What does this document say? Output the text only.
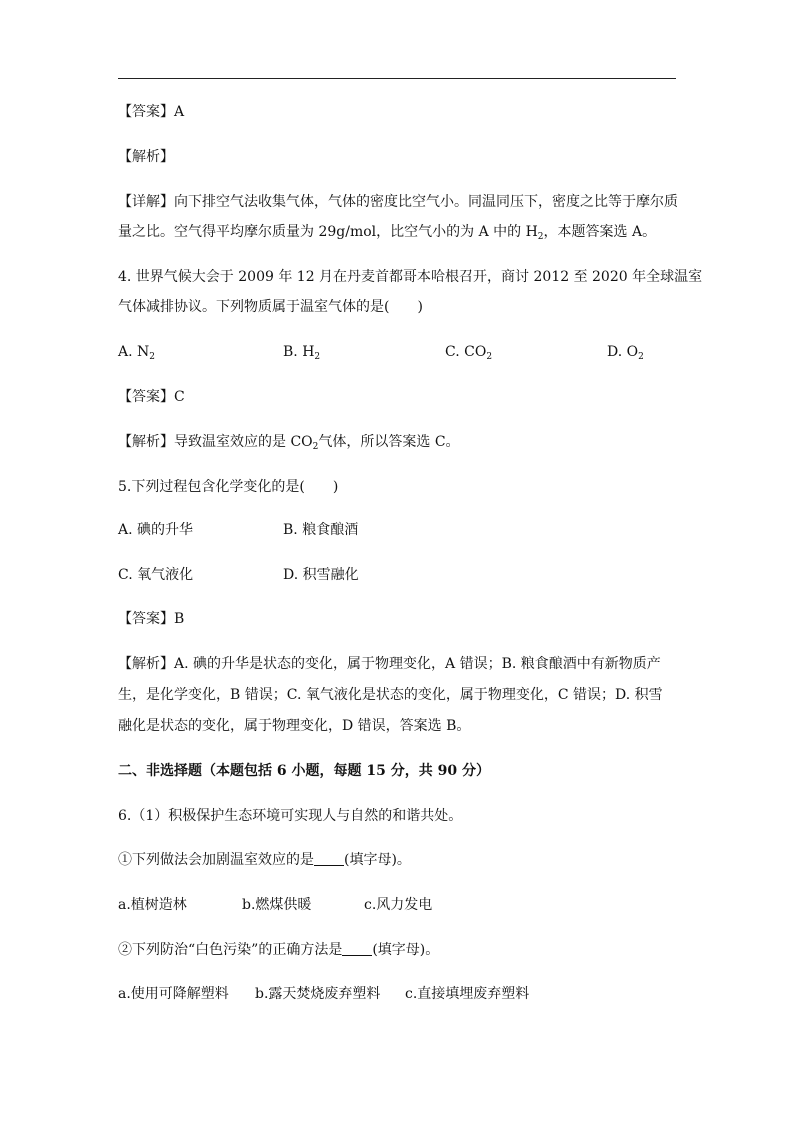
【答案】A
【解析】
【详解】向下排空气法收集气体，气体的密度比空气小。同温同压下，密度之比等于摩尔质
量之比。空气得平均摩尔质量为 29g/mol，比空气小的为 A 中的 $H_2$，本题答案选 A。
4. 世界气候大会于 2009 年 12 月在丹麦首都哥本哈根召开，商讨 2012 至 2020 年全球温室
气体减排协议。下列物质属于温室气体的是(　　)
A. $N_2$	B. $H_2$	C. $CO_2$	D. $O_2$
【答案】C
【解析】导致温室效应的是 $CO_2$气体，所以答案选 C。
5.下列过程包含化学变化的是(　　)
A. 碘的升华	B. 粮食酿酒
C. 氧气液化	D. 积雪融化
【答案】B
【解析】A. 碘的升华是状态的变化，属于物理变化，A 错误；B. 粮食酿酒中有新物质产
生，是化学变化，B 错误；C. 氧气液化是状态的变化，属于物理变化，C 错误；D. 积雪
融化是状态的变化，属于物理变化，D 错误，答案选 B。
二、非选择题（本题包括 6 小题，每题 15 分，共 90 分）
6.（1）积极保护生态环境可实现人与自然的和谐共处。
①下列做法会加剧温室效应的是 (填字母)。
a.植树造林	b.燃煤供暖	c.风力发电
②下列防治“白色污染”的正确方法是 (填字母)。
a.使用可降解塑料 b.露天焚烧废弃塑料 c.直接填埋废弃塑料
